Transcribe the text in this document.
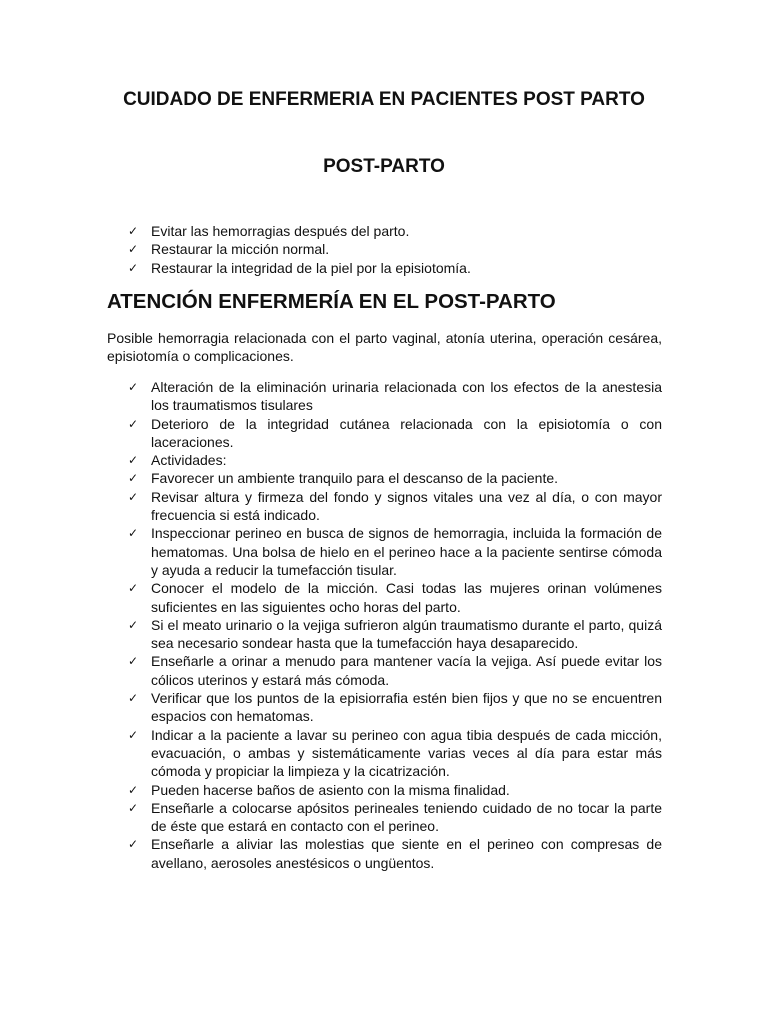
CUIDADO DE ENFERMERIA EN PACIENTES POST PARTO
POST-PARTO
✓ Evitar las hemorragias después del parto.
✓ Restaurar la micción normal.
✓ Restaurar la integridad de la piel por la episiotomía.
ATENCIÓN ENFERMERÍA EN EL POST-PARTO

Posible hemorragia relacionada con el parto vaginal, atonía uterina, operación cesárea, episiotomía o complicaciones.

✓ Alteración de la eliminación urinaria relacionada con los efectos de la anestesia los traumatismos tisulares
✓ Deterioro de la integridad cutánea relacionada con la episiotomía o con laceraciones.
✓ Actividades:
✓ Favorecer un ambiente tranquilo para el descanso de la paciente.
✓ Revisar altura y firmeza del fondo y signos vitales una vez al día, o con mayor frecuencia si está indicado.
✓ Inspeccionar perineo en busca de signos de hemorragia, incluida la formación de hematomas. Una bolsa de hielo en el perineo hace a la paciente sentirse cómoda y ayuda a reducir la tumefacción tisular.
✓ Conocer el modelo de la micción. Casi todas las mujeres orinan volúmenes suficientes en las siguientes ocho horas del parto.
✓ Si el meato urinario o la vejiga sufrieron algún traumatismo durante el parto, quizá sea necesario sondear hasta que la tumefacción haya desaparecido.
✓ Enseñarle a orinar a menudo para mantener vacía la vejiga. Así puede evitar los cólicos uterinos y estará más cómoda.
✓ Verificar que los puntos de la episiorrafia estén bien fijos y que no se encuentren espacios con hematomas.
✓ Indicar a la paciente a lavar su perineo con agua tibia después de cada micción, evacuación, o ambas y sistemáticamente varias veces al día para estar más cómoda y propiciar la limpieza y la cicatrización.
✓ Pueden hacerse baños de asiento con la misma finalidad.
✓ Enseñarle a colocarse apósitos perineales teniendo cuidado de no tocar la parte de éste que estará en contacto con el perineo.
✓ Enseñarle a aliviar las molestias que siente en el perineo con compresas de avellano, aerosoles anestésicos o ungüentos.
